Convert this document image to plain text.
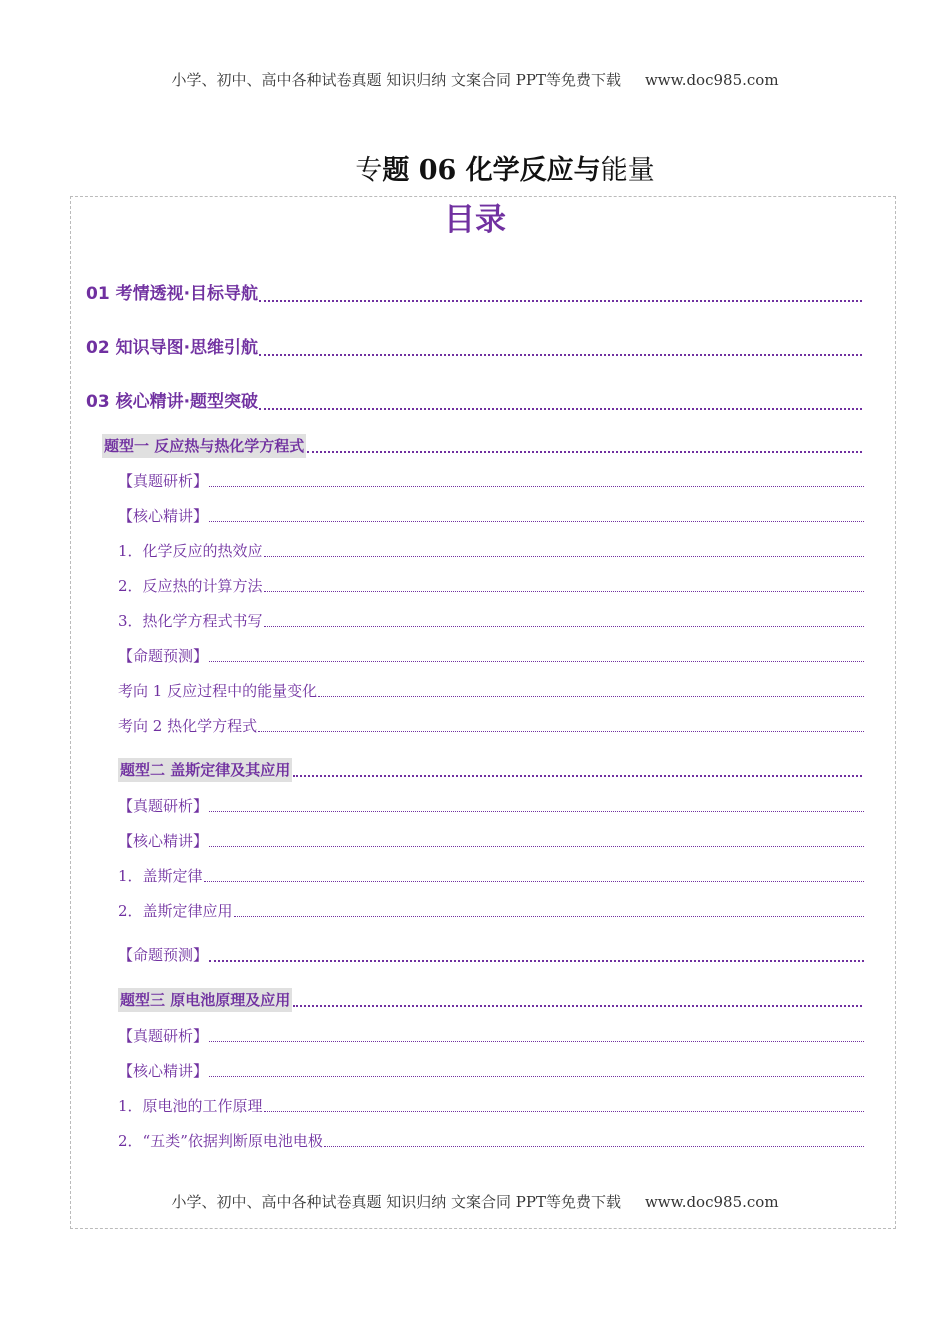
小学、初中、高中各种试卷真题 知识归纳 文案合同 PPT等免费下载 www.doc985.com
专题 06 化学反应与能量
目录
01 考情透视·目标导航
02 知识导图·思维引航
03 核心精讲·题型突破
题型一 反应热与热化学方程式
【真题研析】
【核心精讲】
1．化学反应的热效应
2．反应热的计算方法
3．热化学方程式书写
【命题预测】
考向 1 反应过程中的能量变化
考向 2 热化学方程式
题型二 盖斯定律及其应用
【真题研析】
【核心精讲】
1．盖斯定律
2．盖斯定律应用
【命题预测】
题型三 原电池原理及应用
【真题研析】
【核心精讲】
1．原电池的工作原理
2．“五类”依据判断原电池电极
小学、初中、高中各种试卷真题 知识归纳 文案合同 PPT等免费下载 www.doc985.com
